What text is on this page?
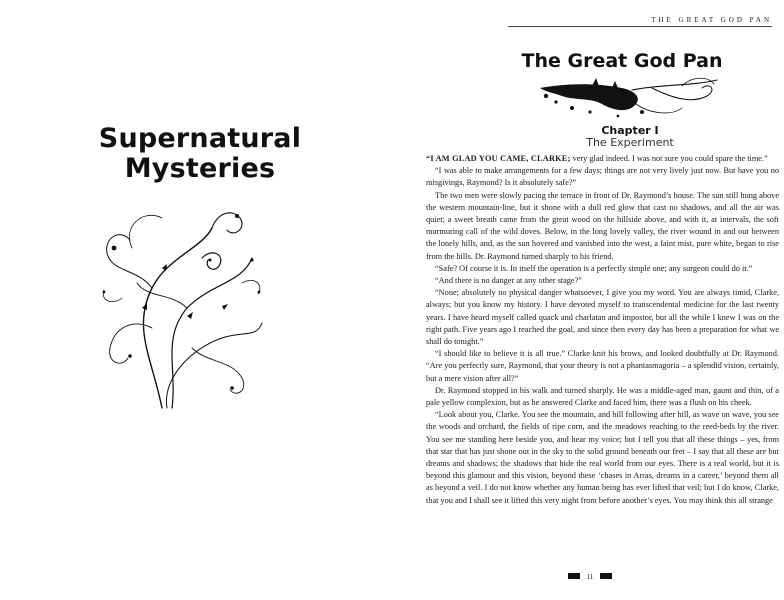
Supernatural
Mysteries
THE GREAT GOD PAN
The Great God Pan
Chapter I
The Experiment

“I AM GLAD YOU CAME, CLARKE; very glad indeed. I was not sure you could spare the time.”

“I was able to make arrangements for a few days; things are not very lively just now. But have you no misgivings, Raymond? Is it absolutely safe?”

The two men were slowly pacing the terrace in front of Dr. Raymond’s house. The sun still hung above the western mountain-line, but it shone with a dull red glow that cast no shadows, and all the air was quiet; a sweet breath came from the great wood on the hillside above, and with it, at intervals, the soft murmuring call of the wild doves. Below, in the long lovely valley, the river wound in and out between the lonely hills, and, as the sun hovered and vanished into the west, a faint mist, pure white, began to rise from the hills. Dr. Raymond turned sharply to his friend.

“Safe? Of course it is. In itself the operation is a perfectly simple one; any surgeon could do it.”

“And there is no danger at any other stage?”

“None; absolutely no physical danger whatsoever, I give you my word. You are always timid, Clarke, always; but you know my history. I have devoted myself to transcendental medicine for the last twenty years. I have heard myself called quack and charlatan and impostor, but all the while I knew I was on the right path. Five years ago I reached the goal, and since then every day has been a preparation for what we shall do tonight.”

“I should like to believe it is all true.” Clarke knit his brows, and looked doubtfully at Dr. Raymond. “Are you perfectly sure, Raymond, that your theory is not a phantasmagoria – a splendid vision, certainly, but a mere vision after all?”

Dr. Raymond stopped in his walk and turned sharply. He was a middle-aged man, gaunt and thin, of a pale yellow complexion, but as he answered Clarke and faced him, there was a flush on his cheek.

“Look about you, Clarke. You see the mountain, and hill following after hill, as wave on wave, you see the woods and orchard, the fields of ripe corn, and the meadows reaching to the reed-beds by the river. You see me standing here beside you, and hear my voice; but I tell you that all these things – yes, from that star that has just shone out in the sky to the solid ground beneath our feet – I say that all these are but dreams and shadows; the shadows that hide the real world from our eyes. There is a real world, but it is beyond this glamour and this vision, beyond these ‘chases in Arras, dreams in a career,’ beyond them all as beyond a veil. I do not know whether any human being has ever lifted that veil; but I do know, Clarke, that you and I shall see it lifted this very night from before another’s eyes. You may think this all strange

11
